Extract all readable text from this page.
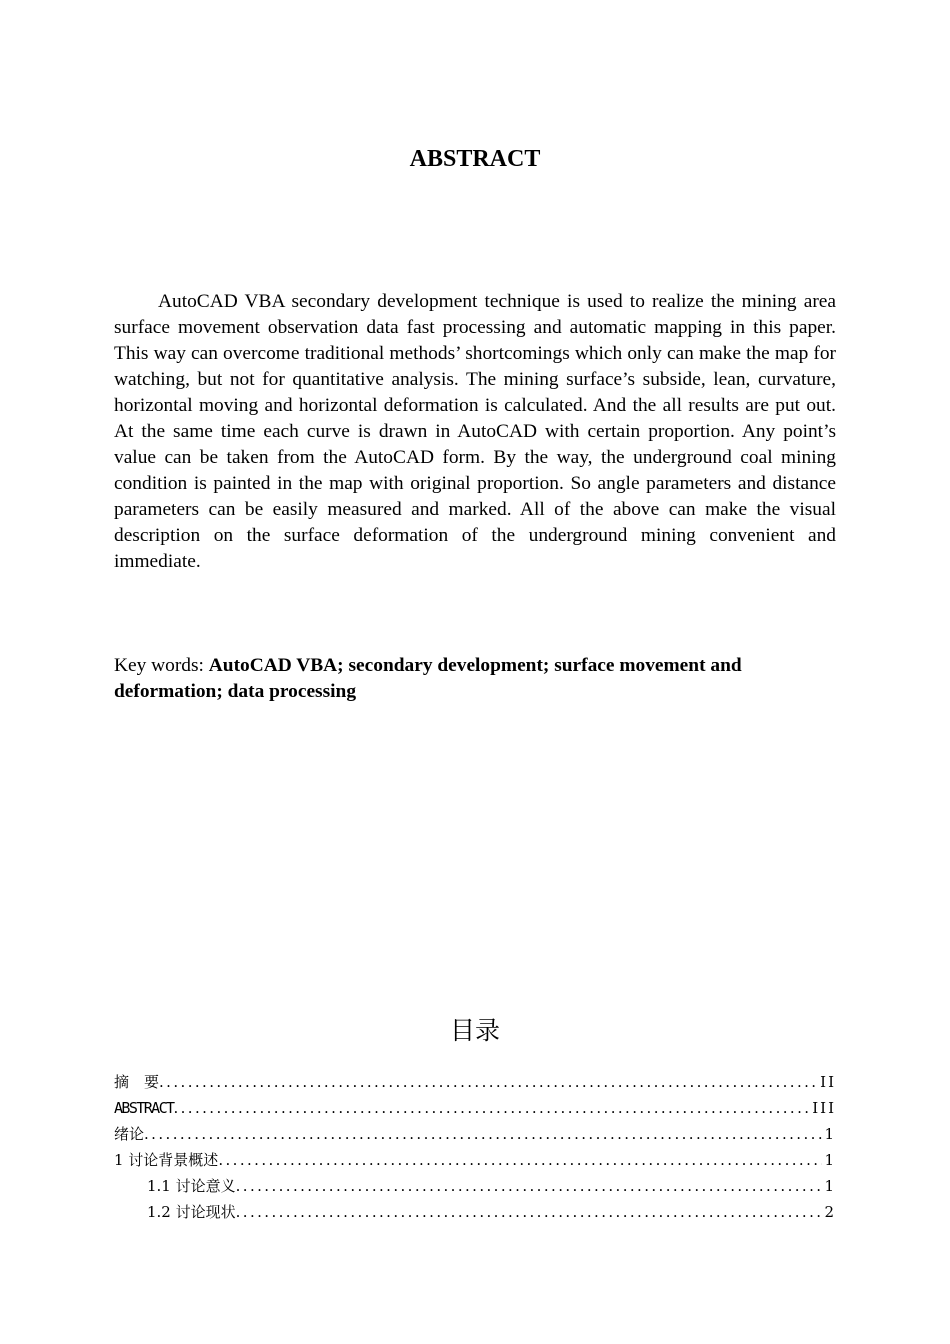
ABSTRACT

AutoCAD VBA secondary development technique is used to realize the mining area surface movement observation data fast processing and automatic mapping in this paper. This way can overcome traditional methods’ shortcomings which only can make the map for watching, but not for quantitative analysis. The mining surface’s subside, lean, curvature, horizontal moving and horizontal deformation is calculated. And the all results are put out. At the same time each curve is drawn in AutoCAD with certain proportion. Any point’s value can be taken from the AutoCAD form. By the way, the underground coal mining condition is painted in the map with original proportion. So angle parameters and distance parameters can be easily measured and marked. All of the above can make the visual description on the surface deformation of the underground mining convenient and immediate.

Key words: AutoCAD VBA; secondary development; surface movement and deformation; data processing

目录
摘　要 .....	II
ABSTRACT .....	III
绪论 .....	1
1 讨论背景概述 .....	1
1.1 讨论意义 .....	1
1.2 讨论现状 .....	2
